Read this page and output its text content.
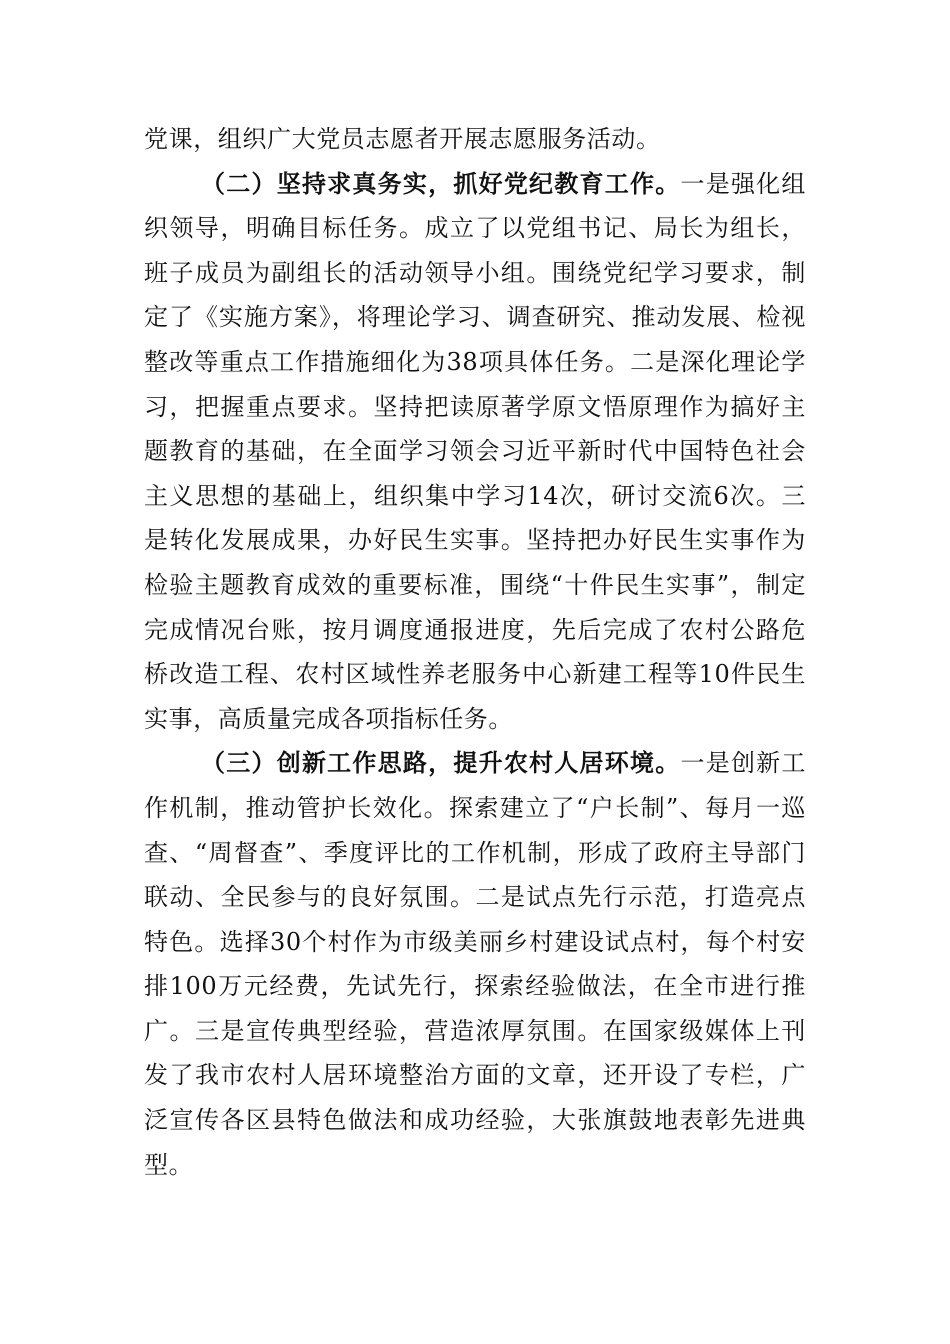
党课，组织广大党员志愿者开展志愿服务活动。

（二）坚持求真务实，抓好党纪教育工作。一是强化组织领导，明确目标任务。成立了以党组书记、局长为组长，班子成员为副组长的活动领导小组。围绕党纪学习要求，制定了《实施方案》，将理论学习、调查研究、推动发展、检视整改等重点工作措施细化为38项具体任务。二是深化理论学习，把握重点要求。坚持把读原著学原文悟原理作为搞好主题教育的基础，在全面学习领会习近平新时代中国特色社会主义思想的基础上，组织集中学习14次，研讨交流6次。三是转化发展成果，办好民生实事。坚持把办好民生实事作为检验主题教育成效的重要标准，围绕“十件民生实事”，制定完成情况台账，按月调度通报进度，先后完成了农村公路危桥改造工程、农村区域性养老服务中心新建工程等10件民生实事，高质量完成各项指标任务。

（三）创新工作思路，提升农村人居环境。一是创新工作机制，推动管护长效化。探索建立了“户长制”、每月一巡查、“周督查”、季度评比的工作机制，形成了政府主导部门联动、全民参与的良好氛围。二是试点先行示范，打造亮点特色。选择30个村作为市级美丽乡村建设试点村，每个村安排100万元经费，先试先行，探索经验做法，在全市进行推广。三是宣传典型经验，营造浓厚氛围。在国家级媒体上刊发了我市农村人居环境整治方面的文章，还开设了专栏，广泛宣传各区县特色做法和成功经验，大张旗鼓地表彰先进典型。
